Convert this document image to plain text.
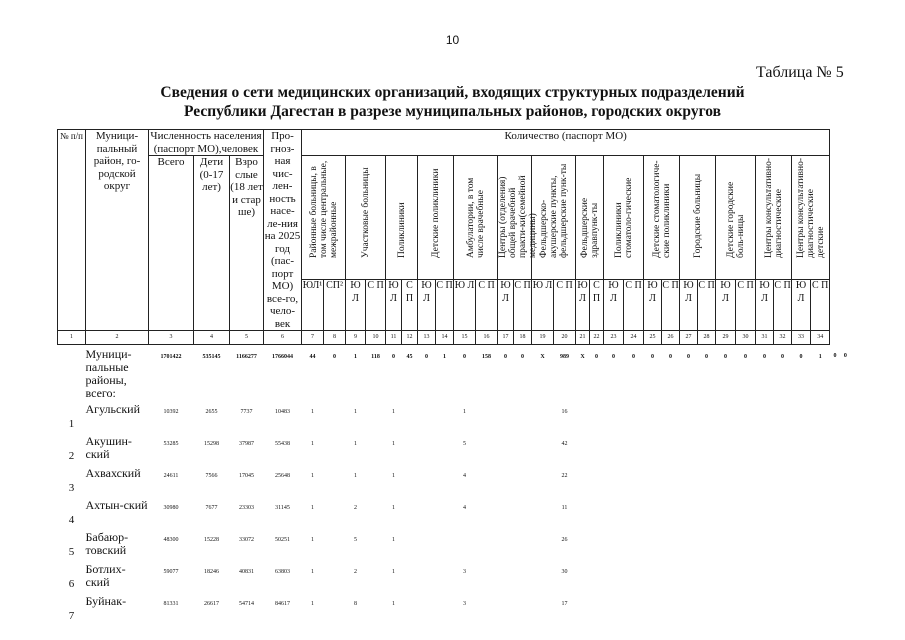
10
Таблица № 5
Сведения о сети медицинских организаций, входящих структурных подразделений
Республики Дагестан в разрезе муниципальных районов, городских округов
№ п/п	Муници-пальный район, го-родской округ	Численность населения (паспорт МО),человек			Про-гноз-ная чис-лен-ность насе-ле-ния на 2025 год (пас-порт МО) все-го, чело-век	Количество (паспорт МО)																													
		Всего	Дети (0-17 лет)	Взро слые (18 лет и стар ше)		Районные больницы, в том числе центральные, межрайонные		Участковые больницы		Поликлиники		Детские поликлиники		Амбулатории, в том числе врачебные		Центры (отделения) общей врачебной практи-ки(семейной медицины)		Фельдшерско-акушерские пункты, фельдшерские пунк-ты		Фельдшерские здравпунк-ты		Поликлиники стоматоло-гические		Детские стоматологиче-ские поликлиники		Городские больницы		Детские городские боль-ницы		Центры консультативно-диагностические		Центры консультативно-диагностические детские			

						ЮЛ¹	СП²	Ю Л	С П	Ю Л	С П	Ю Л	С П	Ю Л	С П	Ю Л	С П	Ю Л	С П	Ю Л	С П	Ю Л	С П	Ю Л	С П	Ю Л	С П	Ю Л	С П	Ю Л	С П	Ю Л	С П		
1	2	3	4	5	6	7	8	9	10	11	12	13	14	15	16	17	18	19	20	21	22	23	24	25	26	27	28	29	30	31	32	33	34		
	Муници-пальные районы, всего:	1701422	535145	1166277	1766044	44	0	1	118	0	45	0	1	0	158	0	0	X	989	X	0	0	0	0	0	0	0	0	0	0	0	0	1	0	0
1	Агульский	10392	2655	7737	10483	1		1		1				1					16																
2	Акушин-ский	53285	15298	37987	55438	1		1		1				5					42																
3	Ахвахский	24611	7566	17045	25648	1		1		1				4					22																
4	Ахтын-ский	30980	7677	23303	31145	1		2		1				4					11																
5	Бабаюр-товский	48300	15228	33072	50251	1		5		1									26																
6	Ботлих-ский	59077	18246	40831	63803	1		2		1				3					30																
7	Буйнак-	81331	26617	54714	84617	1		8		1				3					17																
